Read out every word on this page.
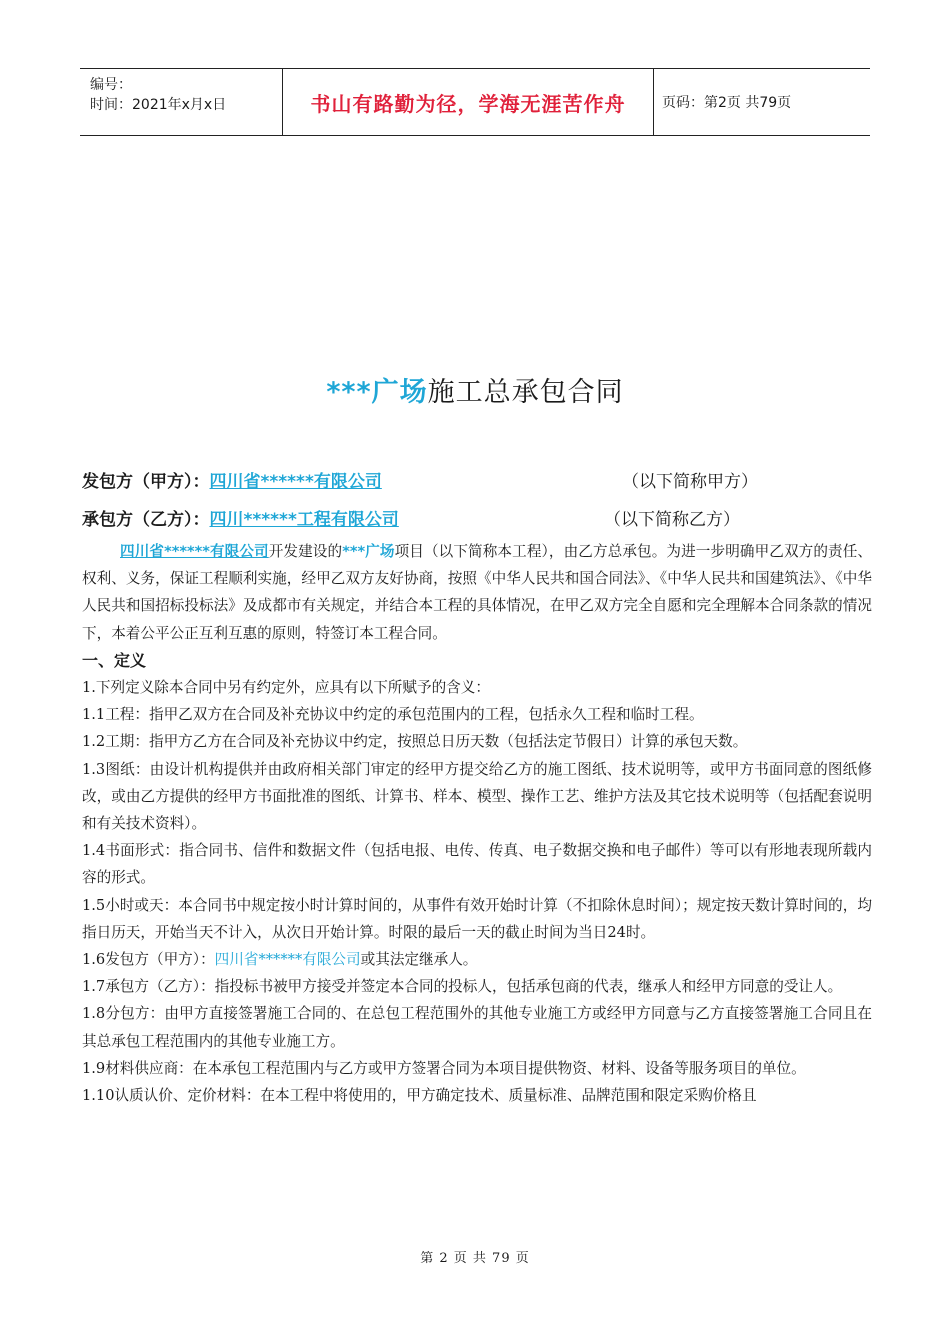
编号：
时间：2021年x月x日	书山有路勤为径，学海无涯苦作舟	页码：第2页 共79页
***广场施工总承包合同
发包方（甲方）：四川省******有限公司	（以下简称甲方）
承包方（乙方）：四川******工程有限公司	（以下简称乙方）

四川省******有限公司开发建设的***广场项目（以下简称本工程），由乙方总承包。为进一步明确甲乙双方的责任、权利、义务，保证工程顺利实施，经甲乙双方友好协商，按照《中华人民共和国合同法》、《中华人民共和国建筑法》、《中华人民共和国招标投标法》及成都市有关规定，并结合本工程的具体情况，在甲乙双方完全自愿和完全理解本合同条款的情况下，本着公平公正互利互惠的原则，特签订本工程合同。

一、定义

1.下列定义除本合同中另有约定外，应具有以下所赋予的含义：

1.1工程：指甲乙双方在合同及补充协议中约定的承包范围内的工程，包括永久工程和临时工程。

1.2工期：指甲方乙方在合同及补充协议中约定，按照总日历天数（包括法定节假日）计算的承包天数。

1.3图纸：由设计机构提供并由政府相关部门审定的经甲方提交给乙方的施工图纸、技术说明等，或甲方书面同意的图纸修改，或由乙方提供的经甲方书面批准的图纸、计算书、样本、模型、操作工艺、维护方法及其它技术说明等（包括配套说明和有关技术资料）。

1.4书面形式：指合同书、信件和数据文件（包括电报、电传、传真、电子数据交换和电子邮件）等可以有形地表现所载内容的形式。

1.5小时或天：本合同书中规定按小时计算时间的，从事件有效开始时计算（不扣除休息时间）；规定按天数计算时间的，均指日历天，开始当天不计入，从次日开始计算。时限的最后一天的截止时间为当日24时。

1.6发包方（甲方）：四川省******有限公司或其法定继承人。

1.7承包方（乙方）：指投标书被甲方接受并签定本合同的投标人，包括承包商的代表，继承人和经甲方同意的受让人。

1.8分包方：由甲方直接签署施工合同的、在总包工程范围外的其他专业施工方或经甲方同意与乙方直接签署施工合同且在其总承包工程范围内的其他专业施工方。

1.9材料供应商：在本承包工程范围内与乙方或甲方签署合同为本项目提供物资、材料、设备等服务项目的单位。

1.10认质认价、定价材料：在本工程中将使用的，甲方确定技术、质量标准、品牌范围和限定采购价格且

第 2 页 共 79 页
